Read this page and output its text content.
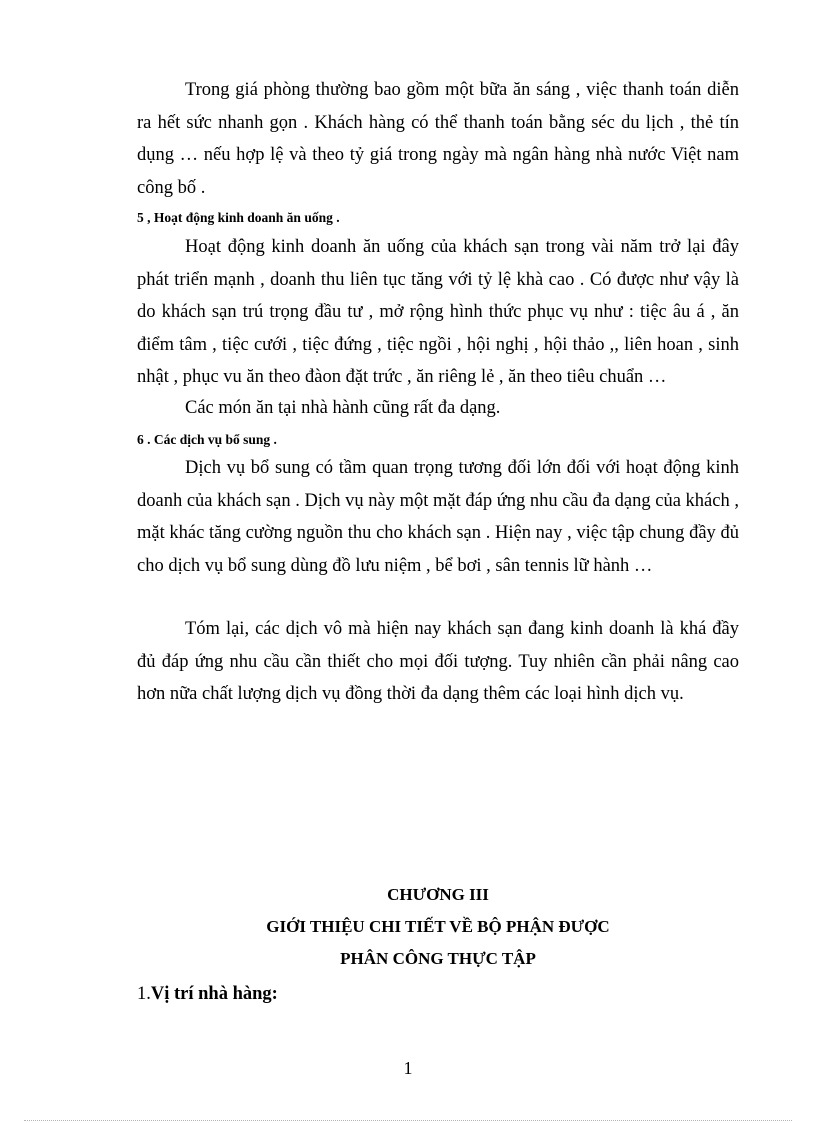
Trong giá phòng thường bao gồm một bữa ăn sáng , việc thanh toán diễn ra hết sức nhanh gọn . Khách hàng có thể thanh toán bằng séc du lịch , thẻ tín dụng … nếu hợp lệ và theo tỷ giá trong ngày mà ngân hàng nhà nước Việt nam công bố .

5 , Hoạt động kinh doanh ăn uống .

Hoạt động kinh doanh ăn uống của khách sạn trong vài năm trở lại đây phát triển mạnh , doanh thu liên tục tăng với tỷ lệ khà cao . Có được như vậy là do khách sạn trú trọng đầu tư , mở rộng hình thức phục vụ như : tiệc âu á , ăn điểm tâm , tiệc cưới , tiệc đứng , tiệc ngồi , hội nghị , hội thảo ,, liên hoan , sinh nhật , phục vu ăn theo đàon đặt trức , ăn riêng lẻ , ăn theo tiêu chuẩn …

Các món ăn tại nhà hành cũng rất đa dạng.

6 . Các dịch vụ bổ sung .

Dịch vụ bổ sung có tầm quan trọng tương đối lớn đối với hoạt động kinh doanh của khách sạn . Dịch vụ này một mặt đáp ứng nhu cầu đa dạng của khách , mặt khác tăng cường nguồn thu cho khách sạn . Hiện nay , việc tập chung đầy đủ cho dịch vụ bổ sung dùng đồ lưu niệm , bể bơi , sân tennis lữ hành …

Tóm lại, các dịch vô mà hiện nay khách sạn đang kinh doanh là khá đầy đủ đáp ứng nhu cầu cần thiết cho mọi đối tượng. Tuy nhiên cần phải nâng cao hơn nữa chất lượng dịch vụ đồng thời đa dạng thêm các loại hình dịch vụ.

CHƯƠNG III

GIỚI THIỆU CHI TIẾT VỀ BỘ PHẬN ĐƯỢC

PHÂN CÔNG THỰC TẬP

1.Vị trí nhà hàng:

1
